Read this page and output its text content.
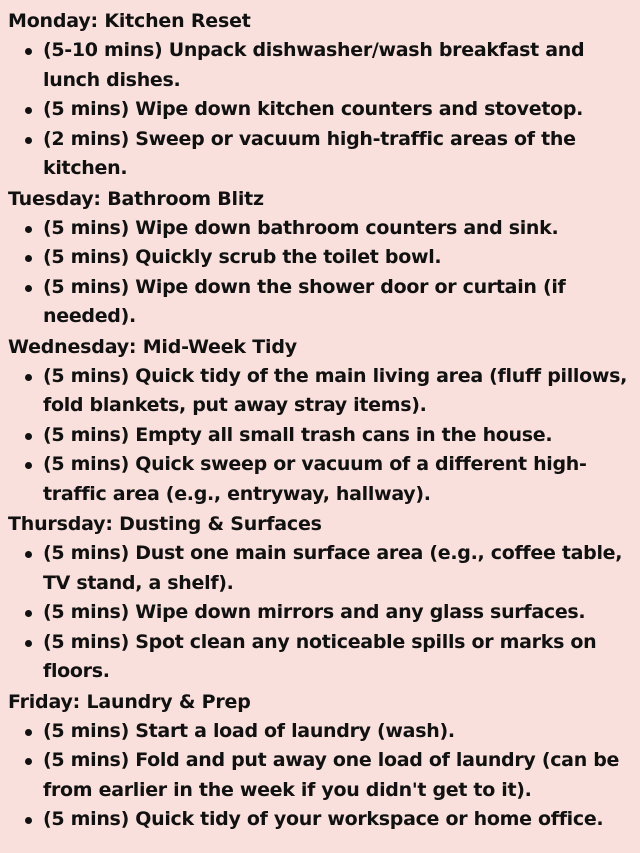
Monday: Kitchen Reset
(5-10 mins) Unpack dishwasher/wash breakfast and lunch dishes.
(5 mins) Wipe down kitchen counters and stovetop.
(2 mins) Sweep or vacuum high-traffic areas of the kitchen.
Tuesday: Bathroom Blitz
(5 mins) Wipe down bathroom counters and sink.
(5 mins) Quickly scrub the toilet bowl.
(5 mins) Wipe down the shower door or curtain (if needed).
Wednesday: Mid-Week Tidy
(5 mins) Quick tidy of the main living area (fluff pillows, fold blankets, put away stray items).
(5 mins) Empty all small trash cans in the house.
(5 mins) Quick sweep or vacuum of a different high-traffic area (e.g., entryway, hallway).
Thursday: Dusting & Surfaces
(5 mins) Dust one main surface area (e.g., coffee table, TV stand, a shelf).
(5 mins) Wipe down mirrors and any glass surfaces.
(5 mins) Spot clean any noticeable spills or marks on floors.
Friday: Laundry & Prep
(5 mins) Start a load of laundry (wash).
(5 mins) Fold and put away one load of laundry (can be from earlier in the week if you didn't get to it).
(5 mins) Quick tidy of your workspace or home office.
